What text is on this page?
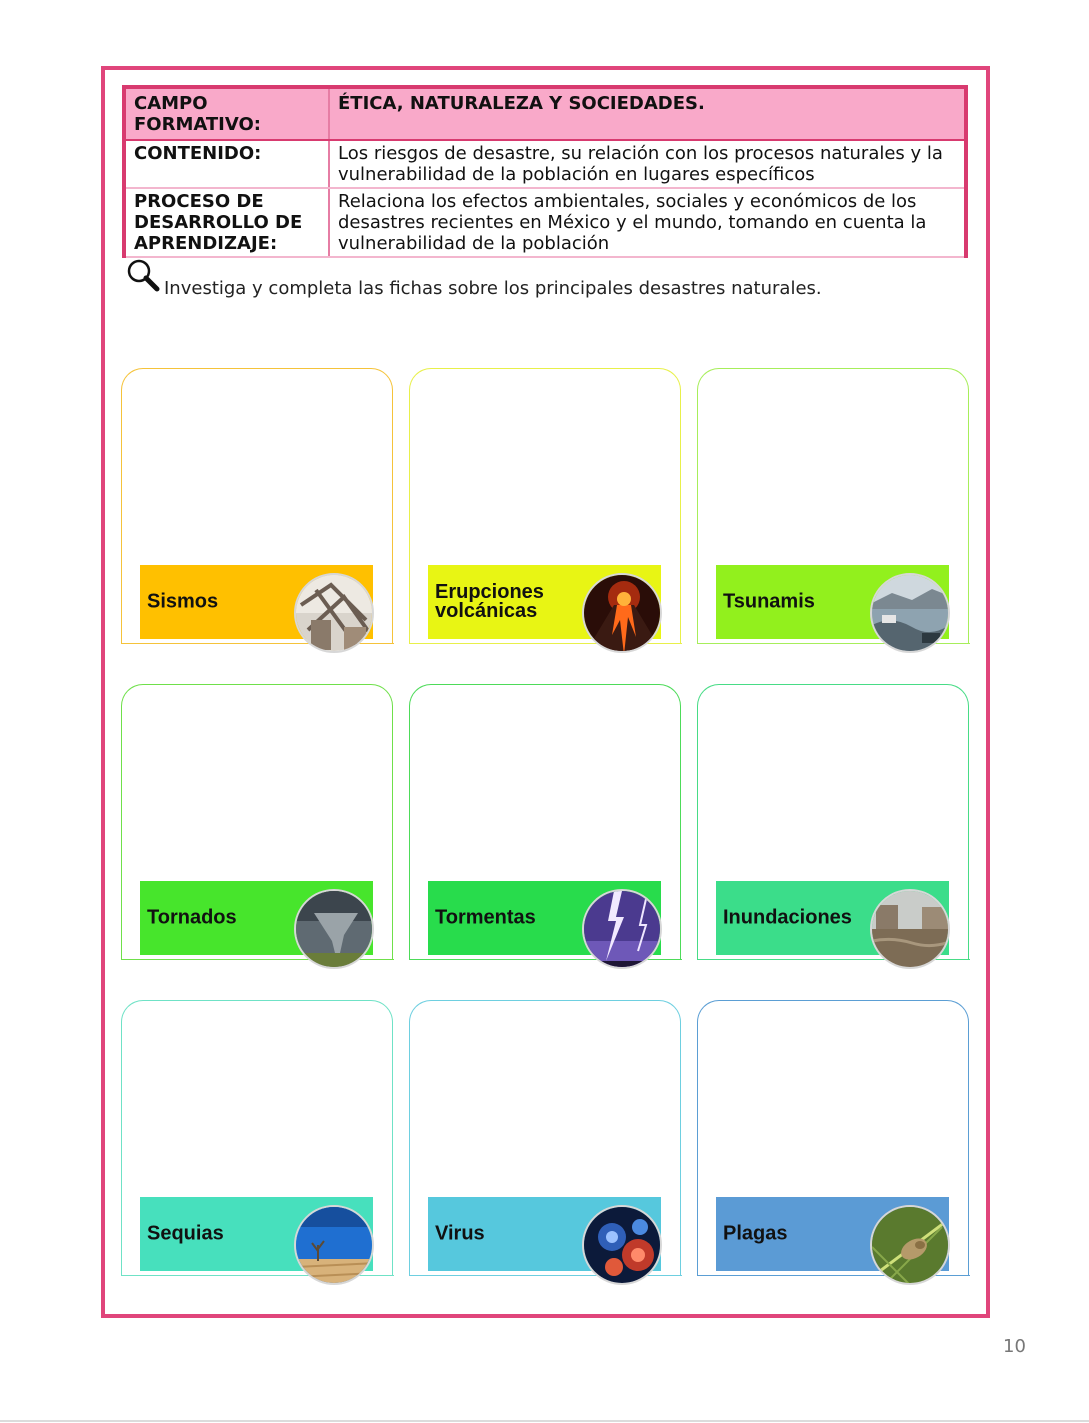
CAMPO FORMATIVO:	ÉTICA, NATURALEZA Y SOCIEDADES.
CONTENIDO:	Los riesgos de desastre, su relación con los procesos naturales y la vulnerabilidad de la población en lugares específicos
PROCESO DE DESARROLLO DE APRENDIZAJE:	Relaciona los efectos ambientales, sociales y económicos de los desastres recientes en México y el mundo, tomando en cuenta la vulnerabilidad de la población
Investiga y completa las fichas sobre los principales desastres naturales.
Sismos	Erupciones volcánicas	Tsunamis
Tornados	Tormentas	Inundaciones
Sequias	Virus	Plagas
10
